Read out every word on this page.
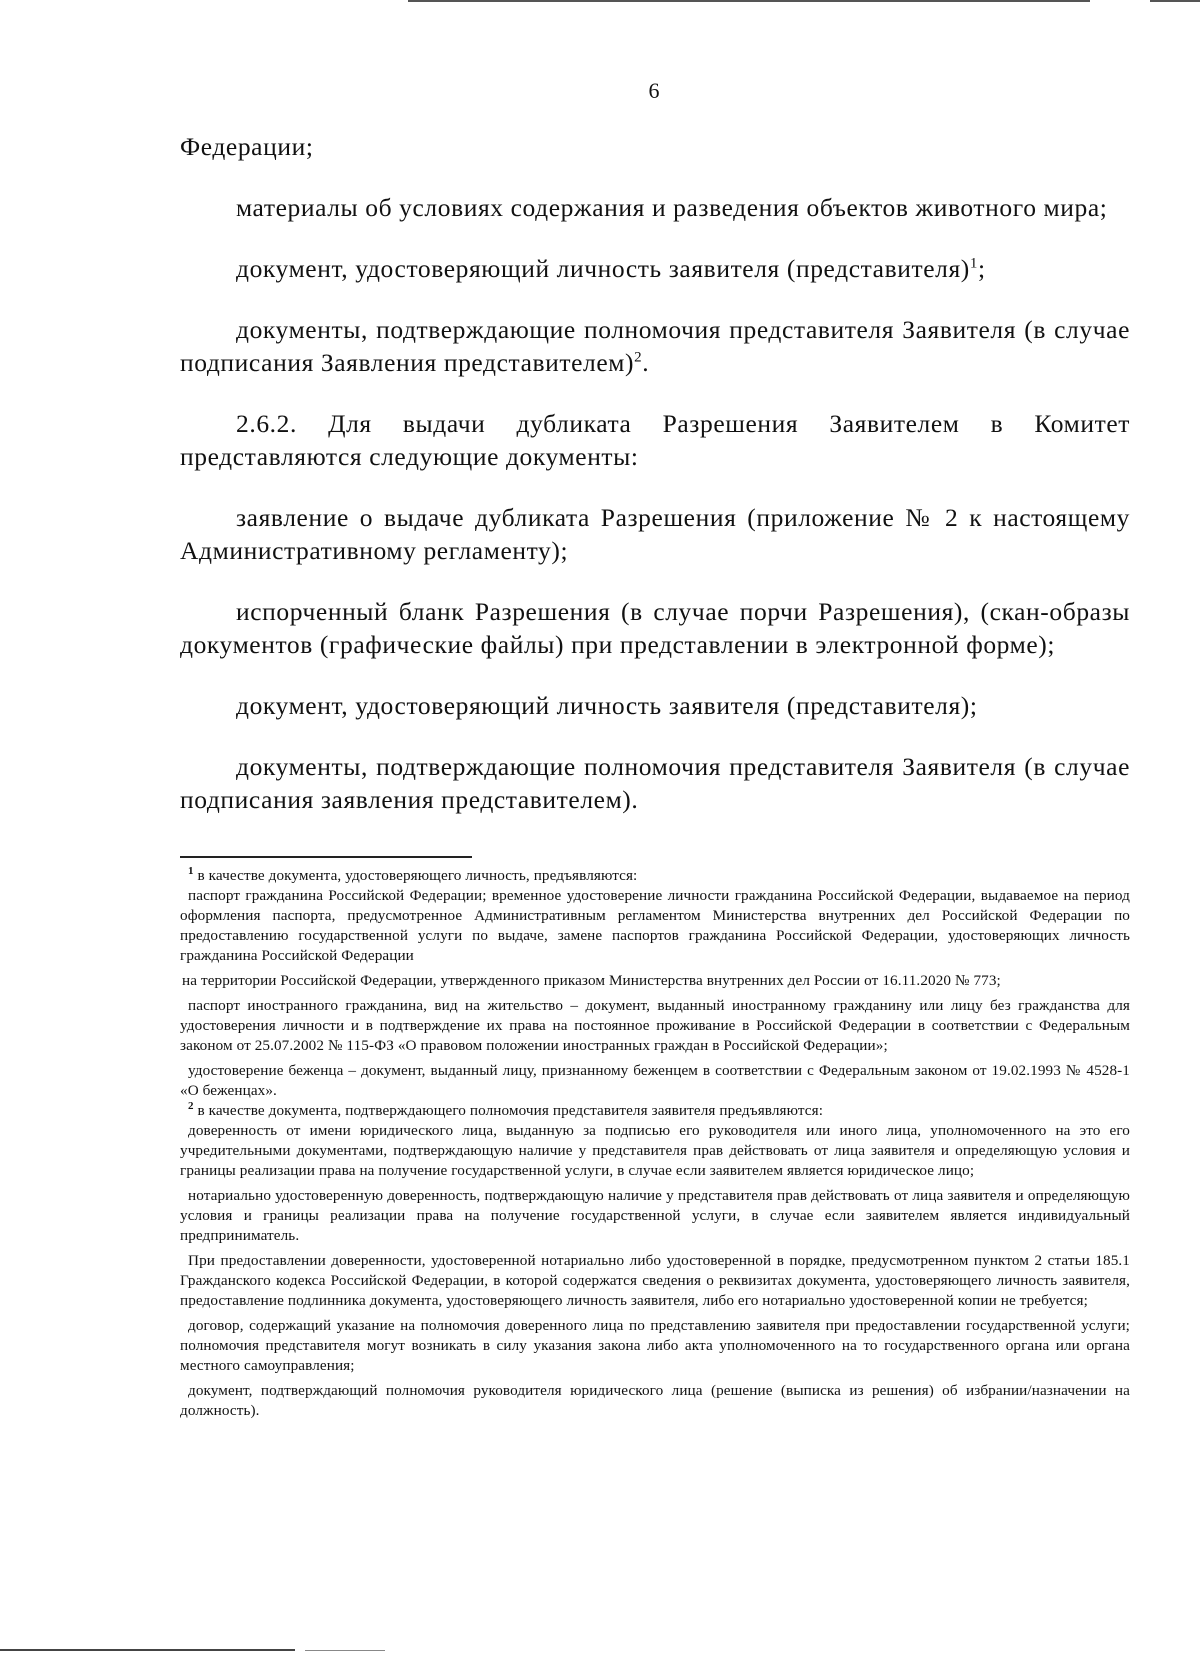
6

Федерации;

материалы об условиях содержания и разведения объектов животного мира;

документ, удостоверяющий личность заявителя (представителя)$^1$;

документы, подтверждающие полномочия представителя Заявителя (в случае подписания Заявления представителем)$^2$.

2.6.2. Для выдачи дубликата Разрешения Заявителем в Комитет представляются следующие документы:

заявление о выдаче дубликата Разрешения (приложение № 2 к настоящему Административному регламенту);

испорченный бланк Разрешения (в случае порчи Разрешения), (скан-образы документов (графические файлы) при представлении в электронной форме);

документ, удостоверяющий личность заявителя (представителя);

документы, подтверждающие полномочия представителя Заявителя (в случае подписания заявления представителем).

$^1$ в качестве документа, удостоверяющего личность, предъявляются:

паспорт гражданина Российской Федерации; временное удостоверение личности гражданина Российской Федерации, выдаваемое на период оформления паспорта, предусмотренное Административным регламентом Министерства внутренних дел Российской Федерации по предоставлению государственной услуги по выдаче, замене паспортов гражданина Российской Федерации, удостоверяющих личность гражданина Российской Федерации

на территории Российской Федерации, утвержденного приказом Министерства внутренних дел России от 16.11.2020 № 773;

паспорт иностранного гражданина, вид на жительство – документ, выданный иностранному гражданину или лицу без гражданства для удостоверения личности и в подтверждение их права на постоянное проживание в Российской Федерации в соответствии с Федеральным законом от 25.07.2002 № 115-ФЗ «О правовом положении иностранных граждан в Российской Федерации»;

удостоверение беженца – документ, выданный лицу, признанному беженцем в соответствии с Федеральным законом от 19.02.1993 № 4528-1 «О беженцах».

$^2$ в качестве документа, подтверждающего полномочия представителя заявителя предъявляются:

доверенность от имени юридического лица, выданную за подписью его руководителя или иного лица, уполномоченного на это его учредительными документами, подтверждающую наличие у представителя прав действовать от лица заявителя и определяющую условия и границы реализации права на получение государственной услуги, в случае если заявителем является юридическое лицо;

нотариально удостоверенную доверенность, подтверждающую наличие у представителя прав действовать от лица заявителя и определяющую условия и границы реализации права на получение государственной услуги, в случае если заявителем является индивидуальный предприниматель.

При предоставлении доверенности, удостоверенной нотариально либо удостоверенной в порядке, предусмотренном пунктом 2 статьи 185.1 Гражданского кодекса Российской Федерации, в которой содержатся сведения о реквизитах документа, удостоверяющего личность заявителя, предоставление подлинника документа, удостоверяющего личность заявителя, либо его нотариально удостоверенной копии не требуется;

договор, содержащий указание на полномочия доверенного лица по представлению заявителя при предоставлении государственной услуги; полномочия представителя могут возникать в силу указания закона либо акта уполномоченного на то государственного органа или органа местного самоуправления;

документ, подтверждающий полномочия руководителя юридического лица (решение (выписка из решения) об избрании/назначении на должность).
